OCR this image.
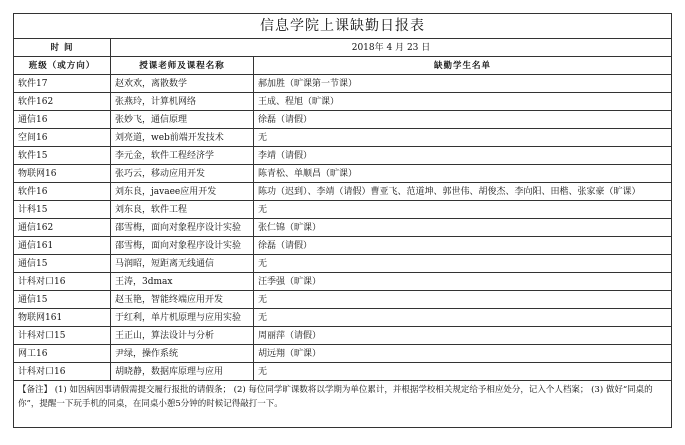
信息学院上课缺勤日报表		
时 间	2018年 4 月 23 日	
班级（或方向）	授课老师及课程名称	缺勤学生名单
软件17	赵欢欢，离散数学	郝加胜（旷课第一节课）
软件162	张燕玲，计算机网络	王成、程旭（旷课）
通信16	张妙飞，通信原理	徐磊（请假）
空间16	刘亮道，web前端开发技术	无
软件15	李元金，软件工程经济学	李靖（请假）
物联网16	张巧云，移动应用开发	陈青松、单顺昌（旷课）
软件16	刘东良，javaee应用开发	陈功（迟到）、李靖（请假）曹亚飞、范道坤、郭世伟、胡俊杰、李向阳、田楷、张家豪（旷课）
计科15	刘东良，软件工程	无
通信162	邵雪梅，面向对象程序设计实验	张仁锦（旷课）
通信161	邵雪梅，面向对象程序设计实验	徐磊（请假）
通信15	马润昭，短距离无线通信	无
计科对口16	王涛，3dmax	汪季强（旷课）
通信15	赵玉艳，智能终端应用开发	无
物联网161	于红利，单片机原理与应用实验	无
计科对口15	王正山，算法设计与分析	周丽萍（请假）
网工16	尹绿，操作系统	胡远翔（旷课）
计科对口16	胡晓静，数据库原理与应用	无
【备注】 (1) 如因病因事请假需提交履行报批的请假条； (2) 每位同学旷课数将以学期为单位累计，并根据学校相关规定给予相应处分，记入个人档案； (3) 做好“同桌的你”，提醒一下玩手机的同桌，在同桌小憩5分钟的时候记得敲打一下。		
